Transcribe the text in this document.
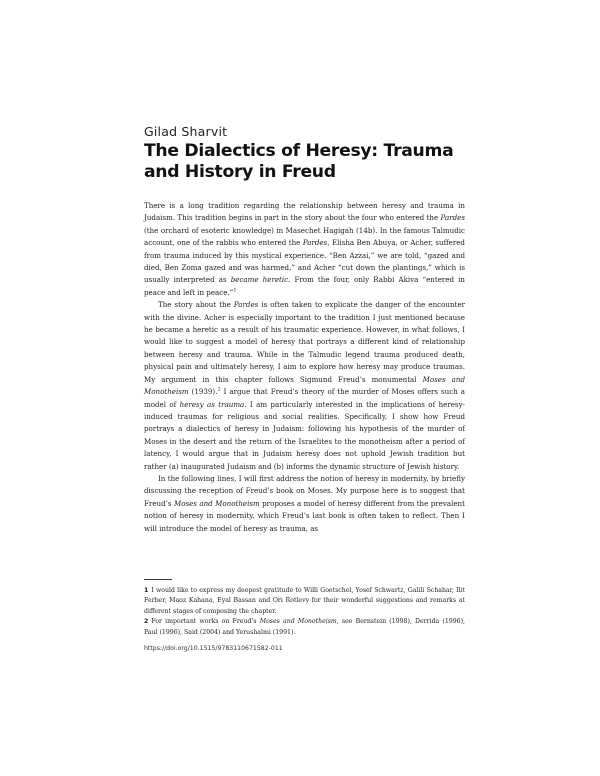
Gilad Sharvit
The Dialectics of Heresy: Trauma and History in Freud

There is a long tradition regarding the relationship between heresy and trauma in Judaism. This tradition begins in part in the story about the four who entered the Pardes (the orchard of esoteric knowledge) in Masechet Hagigah (14b). In the famous Talmudic account, one of the rabbis who entered the Pardes, Elisha Ben Abuya, or Acher, suffered from trauma induced by this mystical experience. “Ben Azzai,” we are told, “gazed and died, Ben Zoma gazed and was harmed,” and Acher “cut down the plantings,” which is usually interpreted as became heretic. From the four, only Rabbi Akiva “entered in peace and left in peace.”$^1$

The story about the Pardes is often taken to explicate the danger of the encounter with the divine. Acher is especially important to the tradition I just mentioned because he became a heretic as a result of his traumatic experience. However, in what follows, I would like to suggest a model of heresy that portrays a different kind of relationship between heresy and trauma. While in the Talmudic legend trauma produced death, physical pain and ultimately heresy, I aim to explore how heresy may produce traumas. My argument in this chapter follows Sigmund Freud’s monumental Moses and Monotheism (1939).$^2$ I argue that Freud’s theory of the murder of Moses offers such a model of heresy as trauma. I am particularly interested in the implications of heresy-induced traumas for religious and social realities. Specifically, I show how Freud portrays a dialectics of heresy in Judaism: following his hypothesis of the murder of Moses in the desert and the return of the Israelites to the monotheism after a period of latency, I would argue that in Judaism heresy does not uphold Jewish tradition but rather (a) inaugurated Judaism and (b) informs the dynamic structure of Jewish history.

In the following lines, I will first address the notion of heresy in modernity, by briefly discussing the reception of Freud’s book on Moses. My purpose here is to suggest that Freud’s Moses and Monotheism proposes a model of heresy different from the prevalent notion of heresy in modernity, which Freud’s last book is often taken to reflect. Then I will introduce the model of heresy as trauma, as

1 I would like to express my deepest gratitude to Willi Goetschel, Yosef Schwartz, Galili Schahar, Ilit Ferber, Maoz Kahana, Eyal Bassan and Ori Rotlevy for their wonderful suggestions and remarks at different stages of composing the chapter.

2 For important works on Freud’s Moses and Monotheism, see Bernstein (1998), Derrida (1996), Paul (1996), Said (2004) and Yerushalmi (1991).

https://doi.org/10.1515/9783110671582-011
